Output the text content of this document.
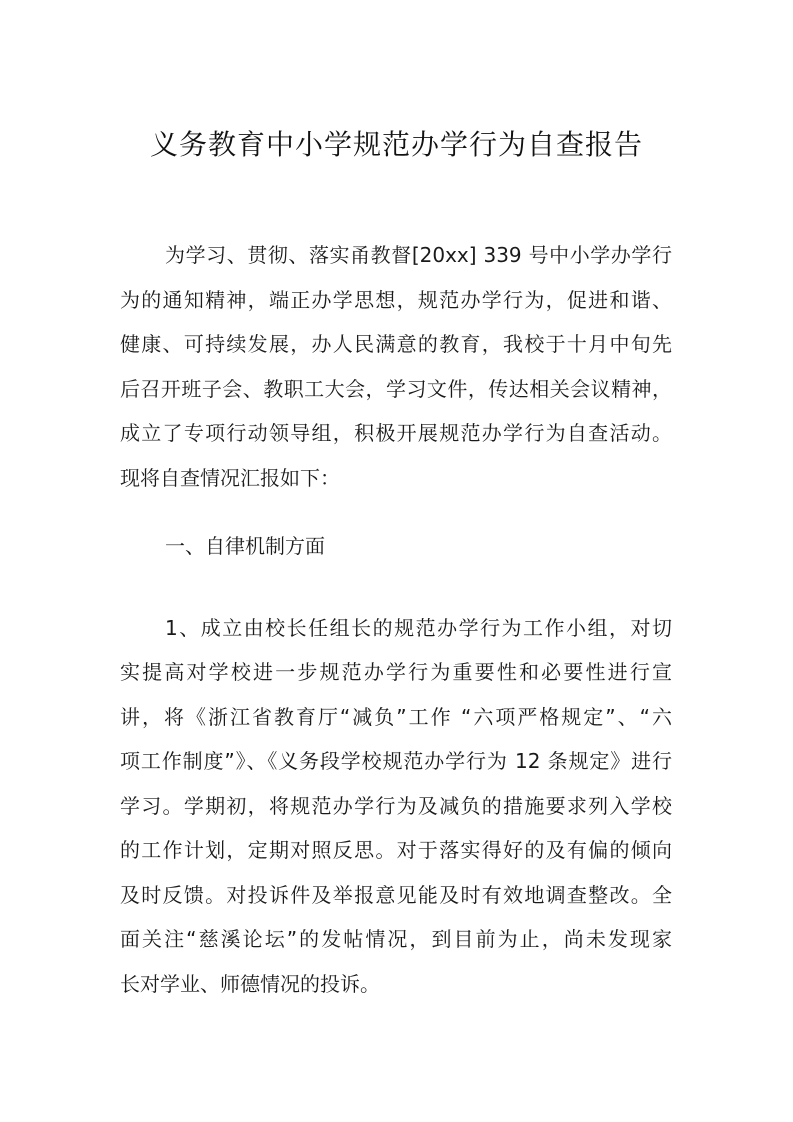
义务教育中小学规范办学行为自查报告
为学习、贯彻、落实甬教督[20xx] 339 号中小学办学行
为的通知精神，端正办学思想，规范办学行为，促进和谐、
健康、可持续发展，办人民满意的教育，我校于十月中旬先
后召开班子会、教职工大会，学习文件，传达相关会议精神，
成立了专项行动领导组，积极开展规范办学行为自查活动。
现将自查情况汇报如下：
一、自律机制方面
1、成立由校长任组长的规范办学行为工作小组，对切
实提高对学校进一步规范办学行为重要性和必要性进行宣
讲，将《浙江省教育厅“减负”工作 “六项严格规定”、“六
项工作制度”》、《义务段学校规范办学行为 12 条规定》进行
学习。学期初，将规范办学行为及减负的措施要求列入学校
的工作计划，定期对照反思。对于落实得好的及有偏的倾向
及时反馈。对投诉件及举报意见能及时有效地调查整改。全
面关注“慈溪论坛”的发帖情况，到目前为止，尚未发现家
长对学业、师德情况的投诉。
